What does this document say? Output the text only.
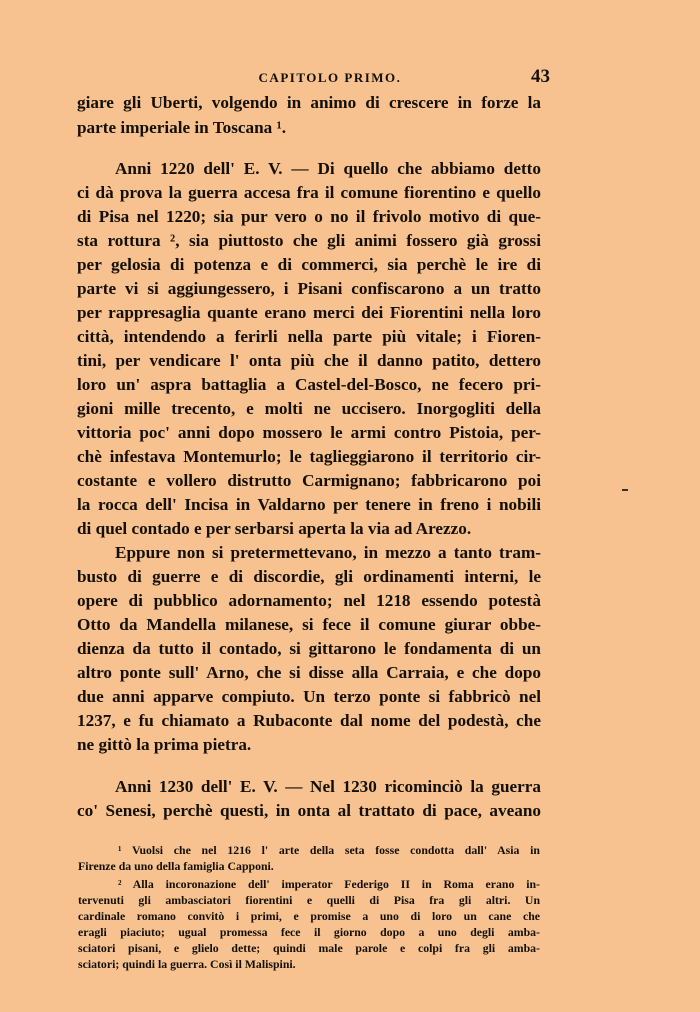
CAPITOLO PRIMO.	43
giare gli Uberti, volgendo in animo di crescere in forze la
parte imperiale in Toscana ¹.
Anni 1220 dell' E. V. — Di quello che abbiamo detto
ci dà prova la guerra accesa fra il comune fiorentino e quello
di Pisa nel 1220; sia pur vero o no il frivolo motivo di que-
sta rottura ², sia piuttosto che gli animi fossero già grossi
per gelosia di potenza e di commerci, sia perchè le ire di
parte vi si aggiungessero, i Pisani confiscarono a un tratto
per rappresaglia quante erano merci dei Fiorentini nella loro
città, intendendo a ferirli nella parte più vitale; i Fioren-
tini, per vendicare l' onta più che il danno patito, dettero
loro un' aspra battaglia a Castel-del-Bosco, ne fecero pri-
gioni mille trecento, e molti ne uccisero. Inorgogliti della
vittoria poc' anni dopo mossero le armi contro Pistoia, per-
chè infestava Montemurlo; le taglieggiarono il territorio cir-
costante e vollero distrutto Carmignano; fabbricarono poi
la rocca dell' Incisa in Valdarno per tenere in freno i nobili
di quel contado e per serbarsi aperta la via ad Arezzo.
Eppure non si pretermettevano, in mezzo a tanto tram-
busto di guerre e di discordie, gli ordinamenti interni, le
opere di pubblico adornamento; nel 1218 essendo potestà
Otto da Mandella milanese, si fece il comune giurar obbe-
dienza da tutto il contado, si gittarono le fondamenta di un
altro ponte sull' Arno, che si disse alla Carraia, e che dopo
due anni apparve compiuto. Un terzo ponte si fabbricò nel
1237, e fu chiamato a Rubaconte dal nome del podestà, che
ne gittò la prima pietra.
Anni 1230 dell' E. V. — Nel 1230 ricominciò la guerra
co' Senesi, perchè questi, in onta al trattato di pace, aveano
¹ Vuolsi che nel 1216 l' arte della seta fosse condotta dall' Asia in
Firenze da uno della famiglia Capponi.
² Alla incoronazione dell' imperator Federigo II in Roma erano in-
tervenuti gli ambasciatori fiorentini e quelli di Pisa fra gli altri. Un
cardinale romano convitò i primi, e promise a uno di loro un cane che
eragli piaciuto; ugual promessa fece il giorno dopo a uno degli amba-
sciatori pisani, e glielo dette; quindi male parole e colpi fra gli amba-
sciatori; quindi la guerra. Così il Malispini.
